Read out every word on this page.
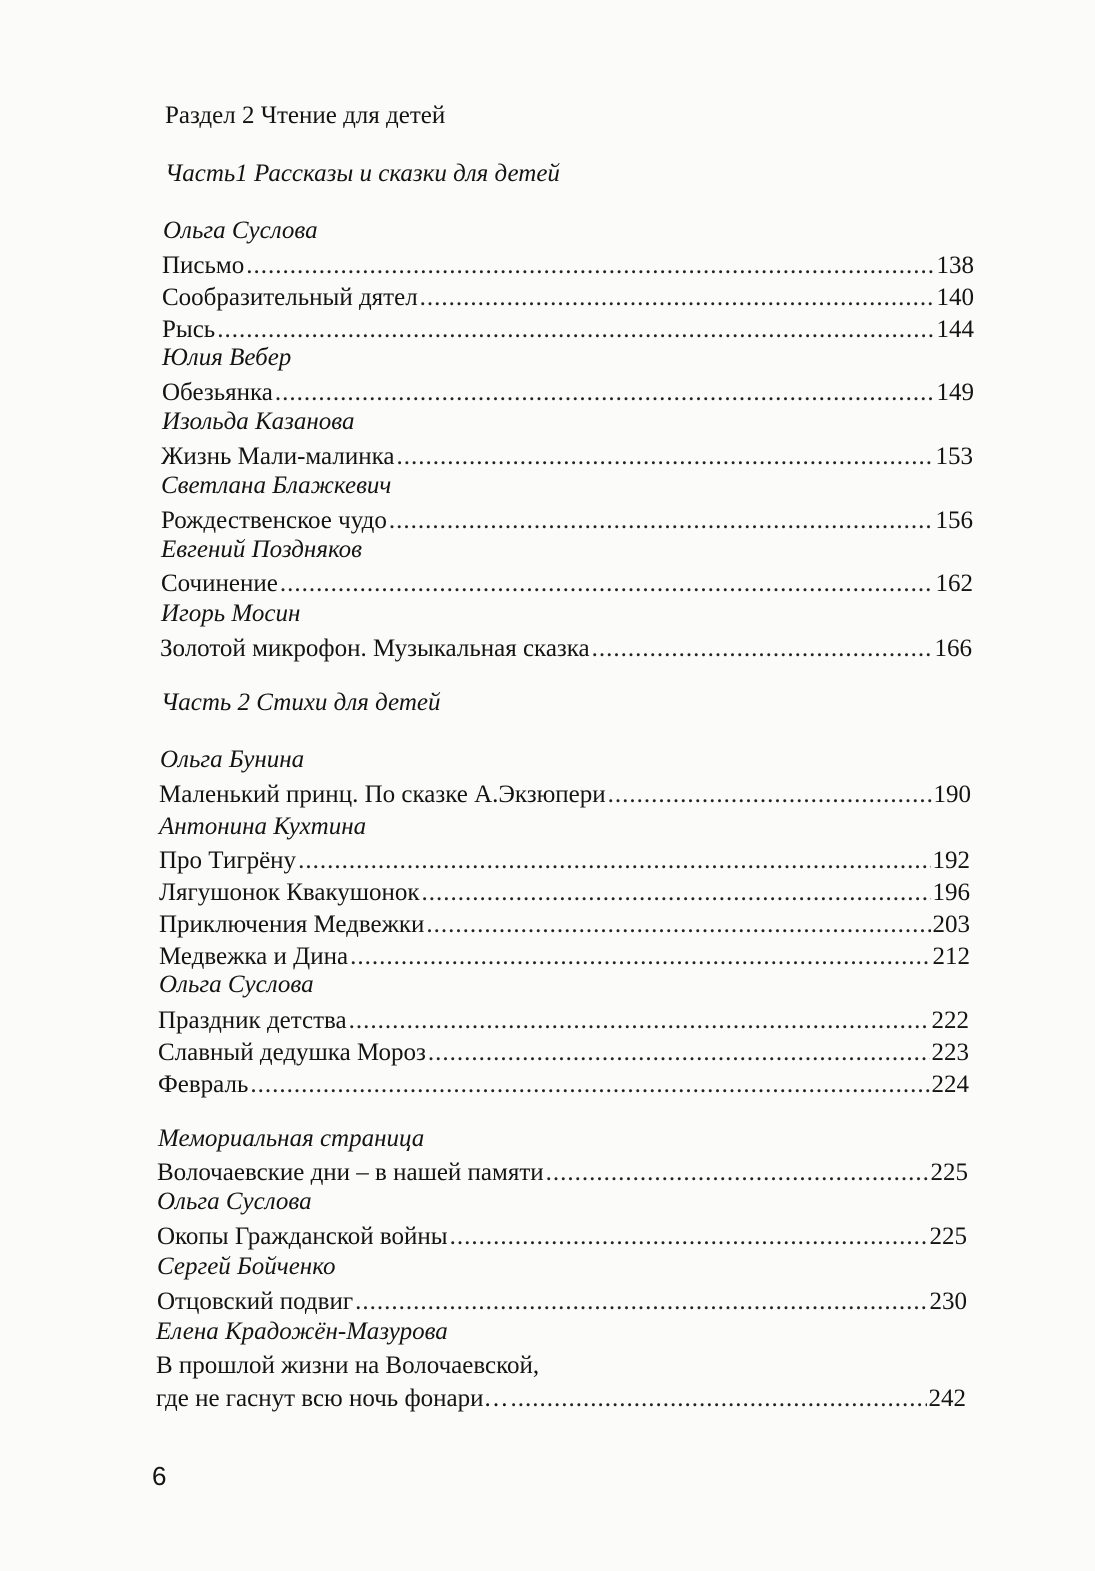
Раздел 2 Чтение для детей
Часть1 Рассказы и сказки для детей
Ольга Суслова
Письмо .....	138
Сообразительный дятел .....	140
Рысь .....	144
Юлия Вебер
Обезьянка .....	149
Изольда Казанова
Жизнь Мали-малинка .....	153
Светлана Блажкевич
Рождественское чудо .....	156
Евгений Поздняков
Сочинение .....	162
Игорь Мосин
Золотой микрофон. Музыкальная сказка .....	166
Часть 2 Стихи для детей
Ольга Бунина
Маленький принц. По сказке А.Экзюпери .....	190
Антонина Кухтина
Про Тигрёну .....	192
Лягушонок Квакушонок .....	196
Приключения Медвежки .....	203
Медвежка и Дина .....	212
Ольга Суслова
Праздник детства .....	222
Славный дедушка Мороз .....	223
Февраль .....	224
Мемориальная страница
Волочаевские дни – в нашей памяти .....	225
Ольга Суслова
Окопы Гражданской войны .....	225
Сергей Бойченко
Отцовский подвиг .....	230
Елена Крадожён-Мазурова
В прошлой жизни на Волочаевской,
где не гаснут всю ночь фонари… .....	242
6
